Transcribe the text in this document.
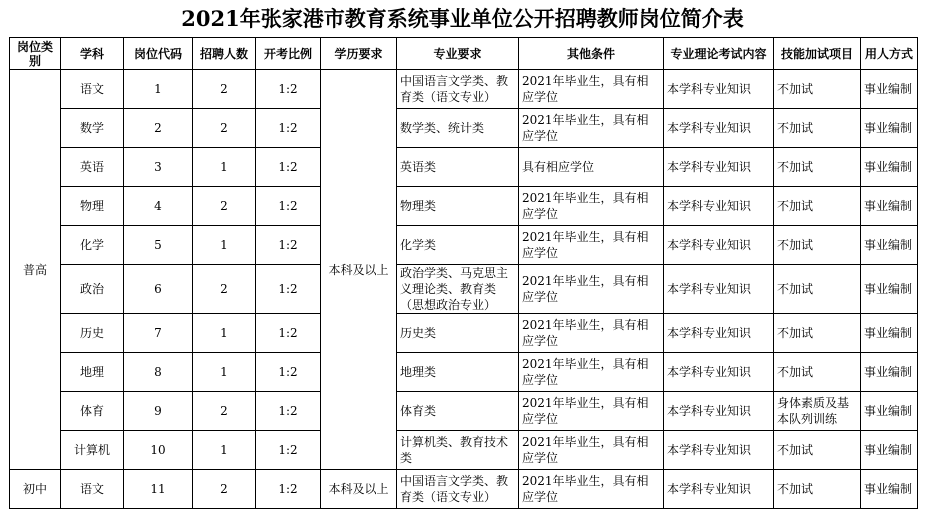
2021年张家港市教育系统事业单位公开招聘教师岗位简介表
岗位类别	学科	岗位代码	招聘人数	开考比例	学历要求	专业要求	其他条件	专业理论考试内容	技能加试项目	用人方式
普高	语文	1	2	1:2	本科及以上	中国语言文学类、教育类（语文专业）	2021年毕业生，具有相应学位	本学科专业知识	不加试	事业编制
	数学	2	2	1:2		数学类、统计类	2021年毕业生，具有相应学位	本学科专业知识	不加试	事业编制
	英语	3	1	1:2		英语类	具有相应学位	本学科专业知识	不加试	事业编制
	物理	4	2	1:2		物理类	2021年毕业生，具有相应学位	本学科专业知识	不加试	事业编制
	化学	5	1	1:2		化学类	2021年毕业生，具有相应学位	本学科专业知识	不加试	事业编制
	政治	6	2	1:2		政治学类、马克思主义理论类、教育类（思想政治专业）	2021年毕业生，具有相应学位	本学科专业知识	不加试	事业编制
	历史	7	1	1:2		历史类	2021年毕业生，具有相应学位	本学科专业知识	不加试	事业编制
	地理	8	1	1:2		地理类	2021年毕业生，具有相应学位	本学科专业知识	不加试	事业编制
	体育	9	2	1:2		体育类	2021年毕业生，具有相应学位	本学科专业知识	身体素质及基本队列训练	事业编制
	计算机	10	1	1:2		计算机类、教育技术类	2021年毕业生，具有相应学位	本学科专业知识	不加试	事业编制
初中	语文	11	2	1:2	本科及以上	中国语言文学类、教育类（语文专业）	2021年毕业生，具有相应学位	本学科专业知识	不加试	事业编制
